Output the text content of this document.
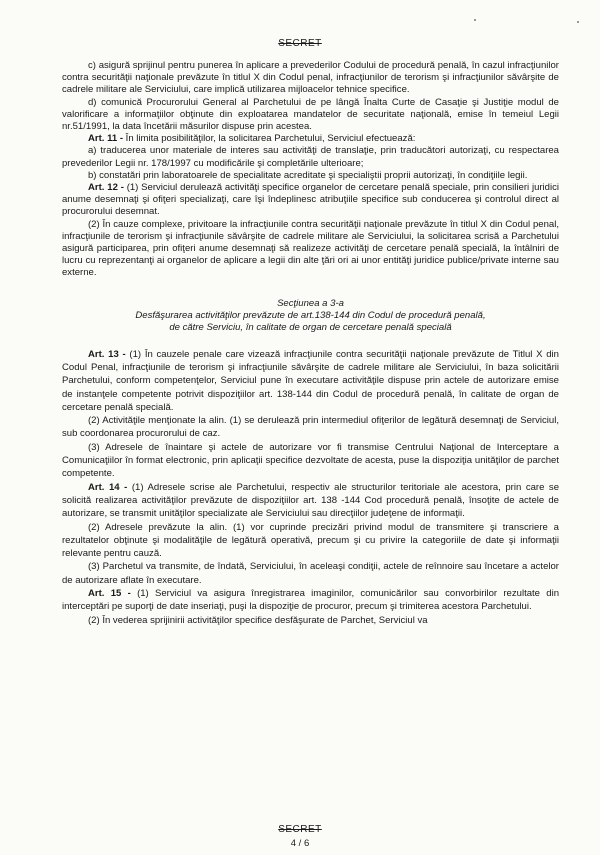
SECRET

c) asigură sprijinul pentru punerea în aplicare a prevederilor Codului de procedură penală, în cazul infracţiunilor contra securităţii naţionale prevăzute în titlul X din Codul penal, infracţiunilor de terorism şi infracţiunilor săvârşite de cadrele militare ale Serviciului, care implică utilizarea mijloacelor tehnice specifice.

d) comunică Procurorului General al Parchetului de pe lângă Înalta Curte de Casaţie şi Justiţie modul de valorificare a informaţiilor obţinute din exploatarea mandatelor de securitate naţională, emise în temeiul Legii nr.51/1991, la data încetării măsurilor dispuse prin acestea.

Art. 11 - În limita posibilităţilor, la solicitarea Parchetului, Serviciul efectuează:

a) traducerea unor materiale de interes sau activităţi de translaţie, prin traducători autorizaţi, cu respectarea prevederilor Legii nr. 178/1997 cu modificările şi completările ulterioare;

b) constatări prin laboratoarele de specialitate acreditate şi specialiştii proprii autorizaţi, în condiţiile legii.

Art. 12 - (1) Serviciul derulează activităţi specifice organelor de cercetare penală speciale, prin consilieri juridici anume desemnaţi şi ofiţeri specializaţi, care îşi îndeplinesc atribuţiile specifice sub conducerea şi controlul direct al procurorului desemnat.

(2) În cauze complexe, privitoare la infracţiunile contra securităţii naţionale prevăzute în titlul X din Codul penal, infracţiunile de terorism şi infracţiunile săvârşite de cadrele militare ale Serviciului, la solicitarea scrisă a Parchetului asigură participarea, prin ofiţeri anume desemnaţi să realizeze activităţi de cercetare penală specială, la întâlniri de lucru cu reprezentanţi ai organelor de aplicare a legii din alte ţări ori ai unor entităţi juridice publice/private interne sau externe.

Secţiunea a 3-a
Desfăşurarea activităţilor prevăzute de art.138-144 din Codul de procedură penală,
de către Serviciu, în calitate de organ de cercetare penală specială

Art. 13 - (1) În cauzele penale care vizează infracţiunile contra securităţii naţionale prevăzute de Titlul X din Codul Penal, infracţiunile de terorism şi infracţiunile săvârşite de cadrele militare ale Serviciului, în baza solicitării Parchetului, conform competenţelor, Serviciul pune în executare activităţile dispuse prin actele de autorizare emise de instanţele competente potrivit dispoziţiilor art. 138-144 din Codul de procedură penală, în calitate de organ de cercetare penală specială.

(2) Activităţile menţionate la alin. (1) se derulează prin intermediul ofiţerilor de legătură desemnaţi de Serviciul, sub coordonarea procurorului de caz.

(3) Adresele de înaintare şi actele de autorizare vor fi transmise Centrului Naţional de Interceptare a Comunicaţiilor în format electronic, prin aplicaţii specifice dezvoltate de acesta, puse la dispoziţia unităţilor de parchet competente.

Art. 14 - (1) Adresele scrise ale Parchetului, respectiv ale structurilor teritoriale ale acestora, prin care se solicită realizarea activităţilor prevăzute de dispoziţiilor art. 138 -144 Cod procedură penală, însoţite de actele de autorizare, se transmit unităţilor specializate ale Serviciului sau direcţiilor judeţene de informaţii.

(2) Adresele prevăzute la alin. (1) vor cuprinde precizări privind modul de transmitere şi transcriere a rezultatelor obţinute şi modalităţile de legătură operativă, precum şi cu privire la categoriile de date şi informaţii relevante pentru cauză.

(3) Parchetul va transmite, de îndată, Serviciului, în aceleaşi condiţii, actele de reînnoire sau încetare a actelor de autorizare aflate în executare.

Art. 15 - (1) Serviciul va asigura înregistrarea imaginilor, comunicărilor sau convorbirilor rezultate din interceptări pe suporţi de date inseriaţi, puşi la dispoziţie de procuror, precum şi trimiterea acestora Parchetului.

(2) În vederea sprijinirii activităţilor specifice desfăşurate de Parchet, Serviciul va

SECRET
4 / 6
